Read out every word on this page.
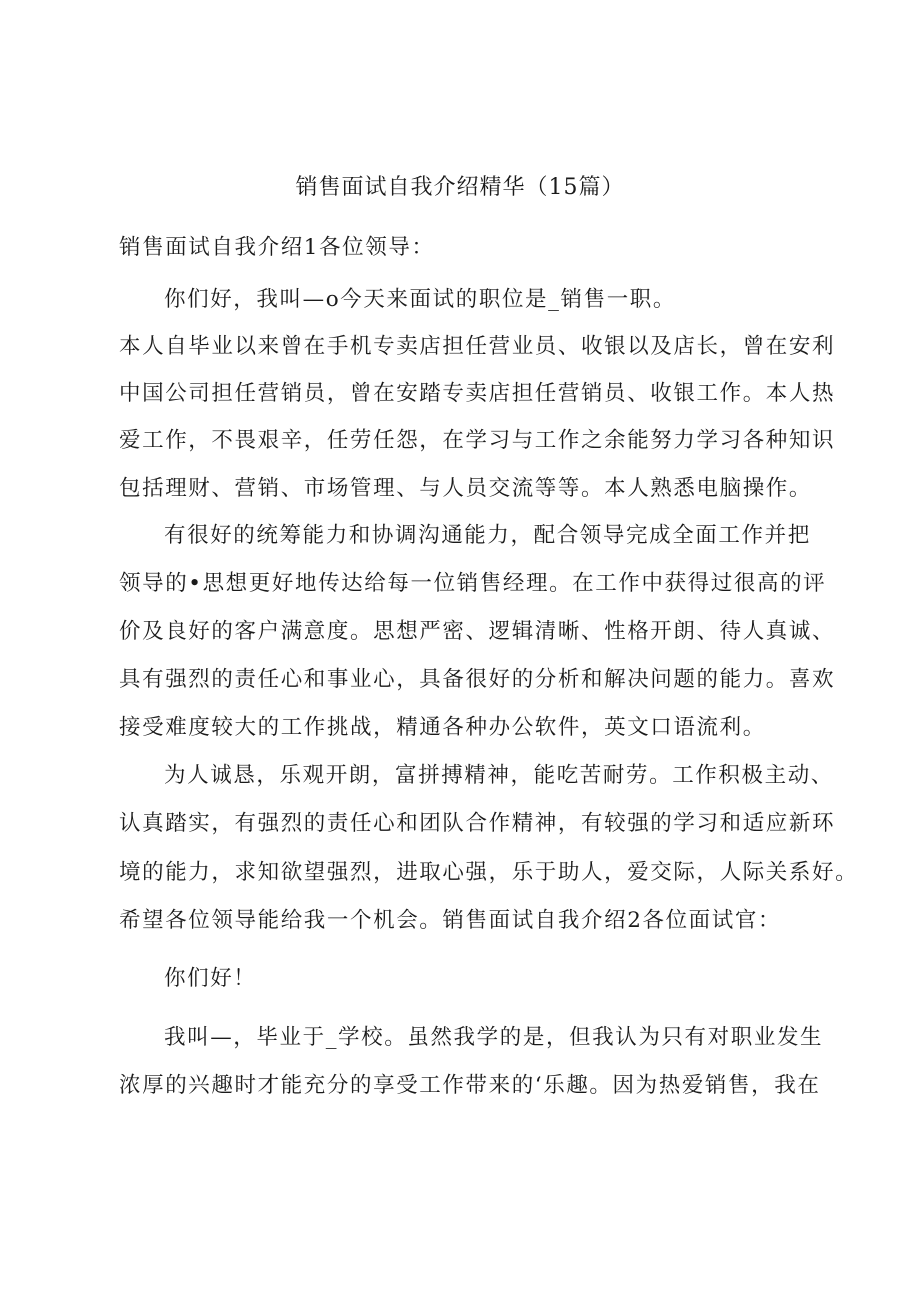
销售面试自我介绍精华（15篇）
销售面试自我介绍1各位领导：
你们好，我叫—o今天来面试的职位是_销售一职。
本人自毕业以来曾在手机专卖店担任营业员、收银以及店长，曾在安利
中国公司担任营销员，曾在安踏专卖店担任营销员、收银工作。本人热
爱工作，不畏艰辛，任劳任怨，在学习与工作之余能努力学习各种知识
包括理财、营销、市场管理、与人员交流等等。本人熟悉电脑操作。
有很好的统筹能力和协调沟通能力，配合领导完成全面工作并把
领导的•思想更好地传达给每一位销售经理。在工作中获得过很高的评
价及良好的客户满意度。思想严密、逻辑清晰、性格开朗、待人真诚、
具有强烈的责任心和事业心，具备很好的分析和解决问题的能力。喜欢
接受难度较大的工作挑战，精通各种办公软件，英文口语流利。
为人诚恳，乐观开朗，富拼搏精神，能吃苦耐劳。工作积极主动、
认真踏实，有强烈的责任心和团队合作精神，有较强的学习和适应新环
境的能力，求知欲望强烈，进取心强，乐于助人，爱交际，人际关系好。
希望各位领导能给我一个机会。销售面试自我介绍2各位面试官：
你们好！
我叫—，毕业于_学校。虽然我学的是，但我认为只有对职业发生
浓厚的兴趣时才能充分的享受工作带来的‘乐趣。因为热爱销售，我在
